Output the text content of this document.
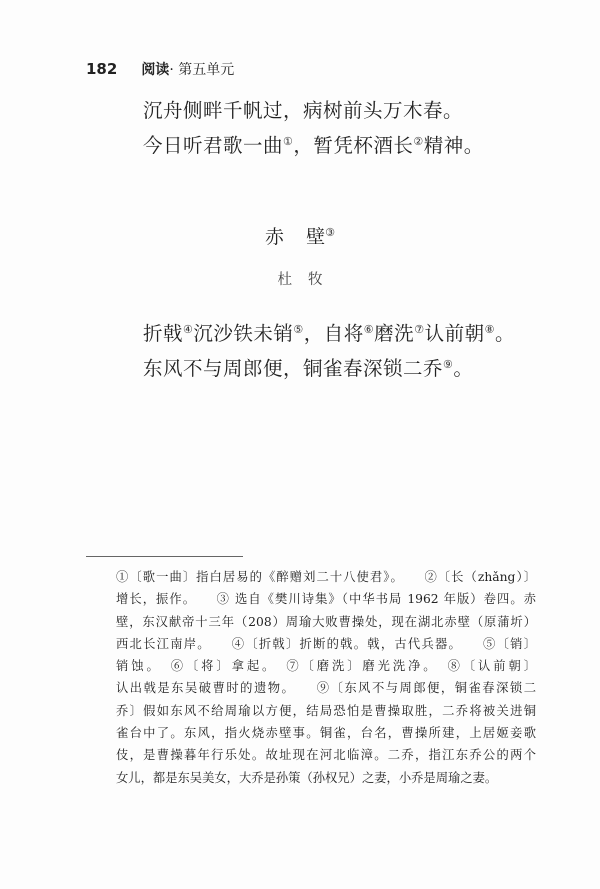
182 阅读· 第五单元
沉舟侧畔千帆过，病树前头万木春。
今日听君歌一曲①，暂凭杯酒长②精神。
赤 壁③
杜 牧
折戟④沉沙铁未销⑤，自将⑥磨洗⑦认前朝⑧。
东风不与周郎便，铜雀春深锁二乔⑨。
①〔歌一曲〕指白居易的《醉赠刘二十八使君》。　　②〔长（zhǎng）〕
增长，振作。　　③ 选自《樊川诗集》（中华书局 1962 年版）卷四。赤
壁，东汉献帝十三年（208）周瑜大败曹操处，现在湖北赤壁（原蒲圻）
西北长江南岸。　　④〔折戟〕折断的戟。戟，古代兵器。　　⑤〔销〕
销蚀。　⑥〔将〕拿起。　⑦〔磨洗〕磨光洗净。　⑧〔认前朝〕
认出戟是东吴破曹时的遗物。　　⑨〔东风不与周郎便，铜雀春深锁二
乔〕假如东风不给周瑜以方便，结局恐怕是曹操取胜，二乔将被关进铜
雀台中了。东风，指火烧赤壁事。铜雀，台名，曹操所建，上居姬妾歌
伎，是曹操暮年行乐处。故址现在河北临漳。二乔，指江东乔公的两个
女儿，都是东吴美女，大乔是孙策（孙权兄）之妻，小乔是周瑜之妻。
